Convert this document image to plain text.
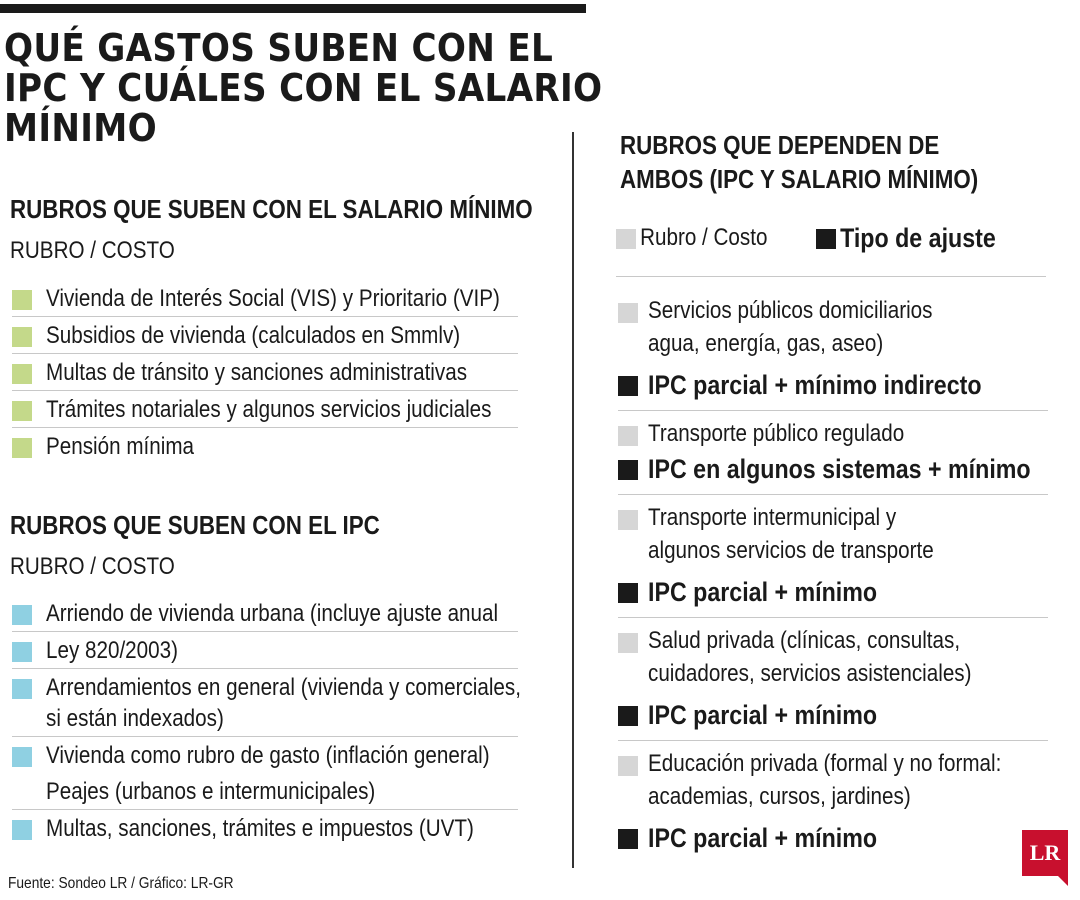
QUÉ GASTOS SUBEN CON EL IPC Y CUÁLES CON EL SALARIO MÍNIMO
RUBROS QUE SUBEN CON EL SALARIO MÍNIMO
RUBRO / COSTO
Vivienda de Interés Social (VIS) y Prioritario (VIP)
Subsidios de vivienda (calculados en Smmlv)
Multas de tránsito y sanciones administrativas
Trámites notariales y algunos servicios judiciales
Pensión mínima
RUBROS QUE SUBEN CON EL IPC
RUBRO / COSTO
Arriendo de vivienda urbana (incluye ajuste anual
Ley 820/2003)
Arrendamientos en general (vivienda y comerciales,
si están indexados)
Vivienda como rubro de gasto (inflación general)
Peajes (urbanos e intermunicipales)
Multas, sanciones, trámites e impuestos (UVT)
RUBROS QUE DEPENDEN DE
AMBOS (IPC Y SALARIO MÍNIMO)
Rubro / Costo	Tipo de ajuste
Servicios públicos domiciliarios
agua, energía, gas, aseo)
IPC parcial + mínimo indirecto
Transporte público regulado
IPC en algunos sistemas + mínimo
Transporte intermunicipal y
algunos servicios de transporte
IPC parcial + mínimo
Salud privada (clínicas, consultas,
cuidadores, servicios asistenciales)
IPC parcial + mínimo
Educación privada (formal y no formal:
academias, cursos, jardines)
IPC parcial + mínimo
Fuente: Sondeo LR / Gráfico: LR-GR
LR
